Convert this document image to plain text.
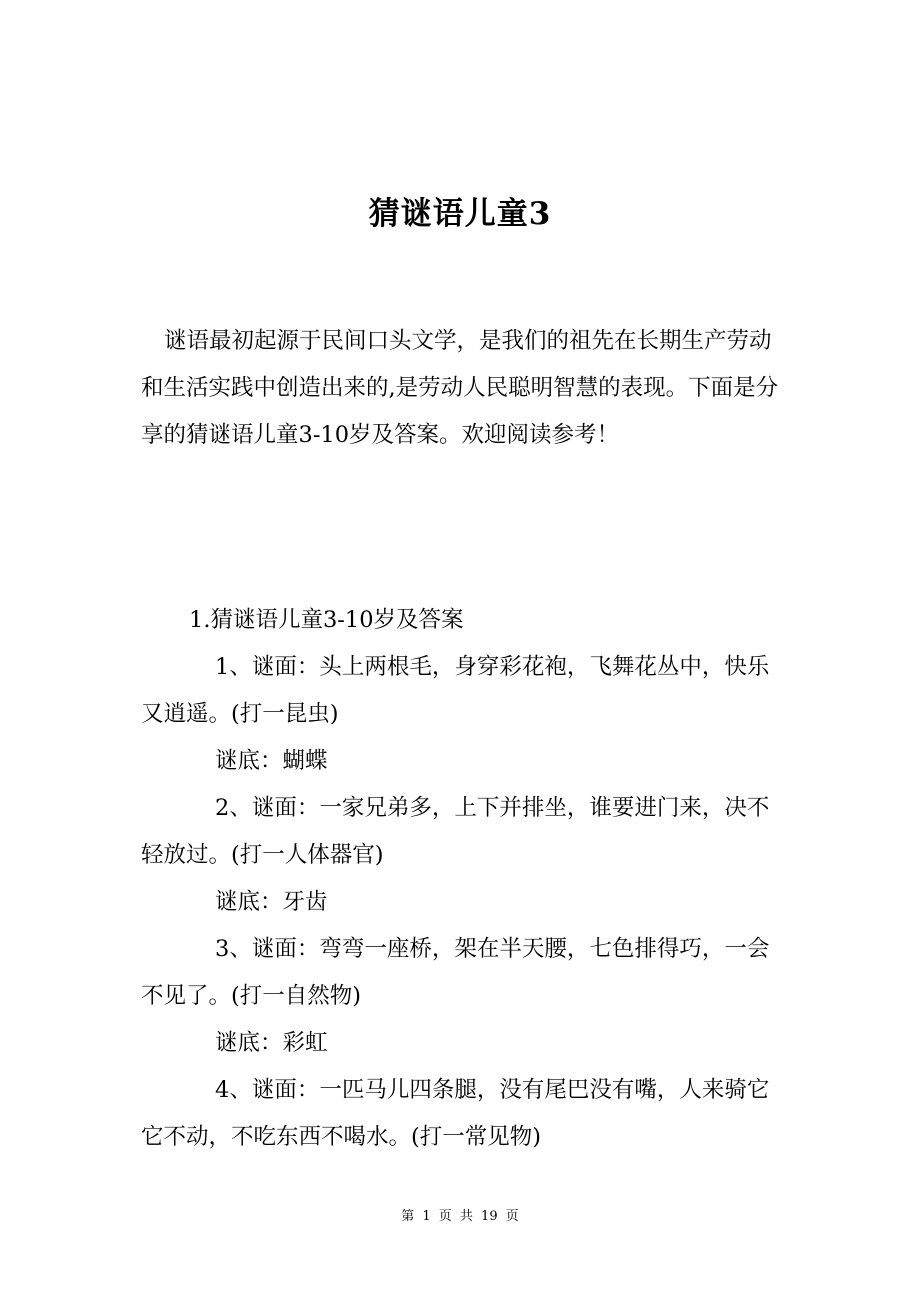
猜谜语儿童3
谜语最初起源于民间口头文学，是我们的祖先在长期生产劳动和生活实践中创造出来的,是劳动人民聪明智慧的表现。下面是分享的猜谜语儿童3-10岁及答案。欢迎阅读参考！
1.猜谜语儿童3-10岁及答案
1、谜面：头上两根毛，身穿彩花袍，飞舞花丛中，快乐又逍遥。(打一昆虫)
谜底：蝴蝶
2、谜面：一家兄弟多，上下并排坐，谁要进门来，决不轻放过。(打一人体器官)
谜底：牙齿
3、谜面：弯弯一座桥，架在半天腰，七色排得巧，一会不见了。(打一自然物)
谜底：彩虹
4、谜面：一匹马儿四条腿，没有尾巴没有嘴，人来骑它它不动，不吃东西不喝水。(打一常见物)
第 1 页 共 19 页
